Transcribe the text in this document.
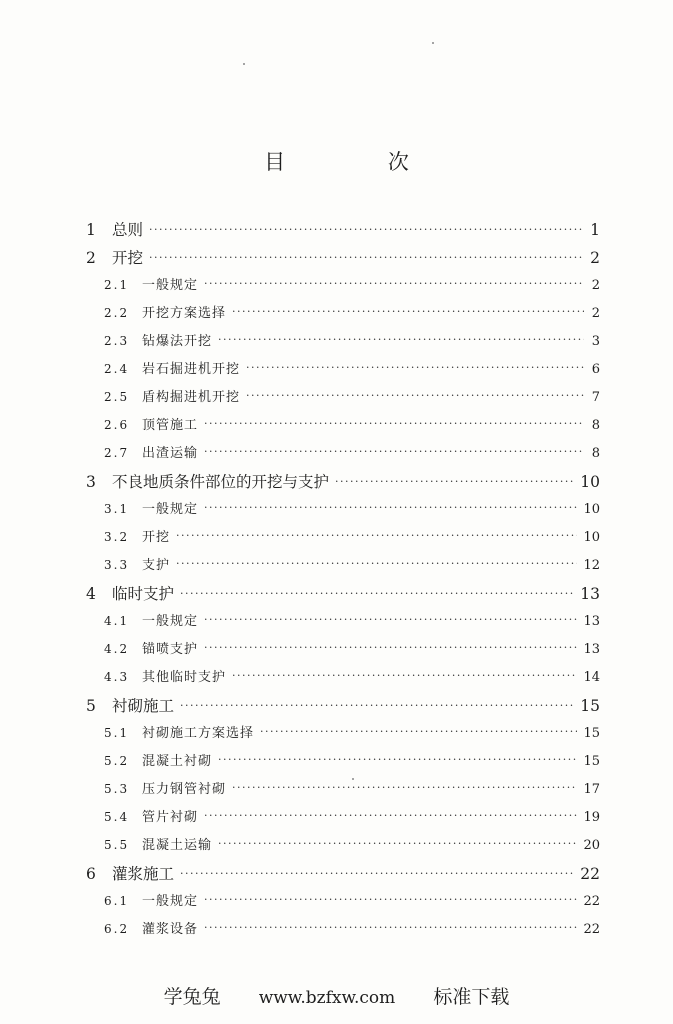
目 次
1	总则 ·····	1
2	开挖 ·····	2
2.1 一般规定 ·····	2
2.2 开挖方案选择 ·····	2
2.3 钻爆法开挖 ·····	3
2.4 岩石掘进机开挖 ·····	6
2.5 盾构掘进机开挖 ·····	7
2.6 顶管施工 ·····	8
2.7 出渣运输 ·····	8
3	不良地质条件部位的开挖与支护 ·····	10
3.1 一般规定 ·····	10
3.2 开挖 ·····	10
3.3 支护 ·····	12
4	临时支护 ·····	13
4.1 一般规定 ·····	13
4.2 锚喷支护 ·····	13
4.3 其他临时支护 ·····	14
5	衬砌施工 ·····	15
5.1 衬砌施工方案选择 ·····	15
5.2 混凝土衬砌 ·····	15
5.3 压力钢管衬砌 ·····	17
5.4 管片衬砌 ·····	19
5.5 混凝土运输 ·····	20
6	灌浆施工 ·····	22
6.1 一般规定 ·····	22
6.2 灌浆设备 ·····	22
学兔兔 www.bzfxw.com 标准下载
